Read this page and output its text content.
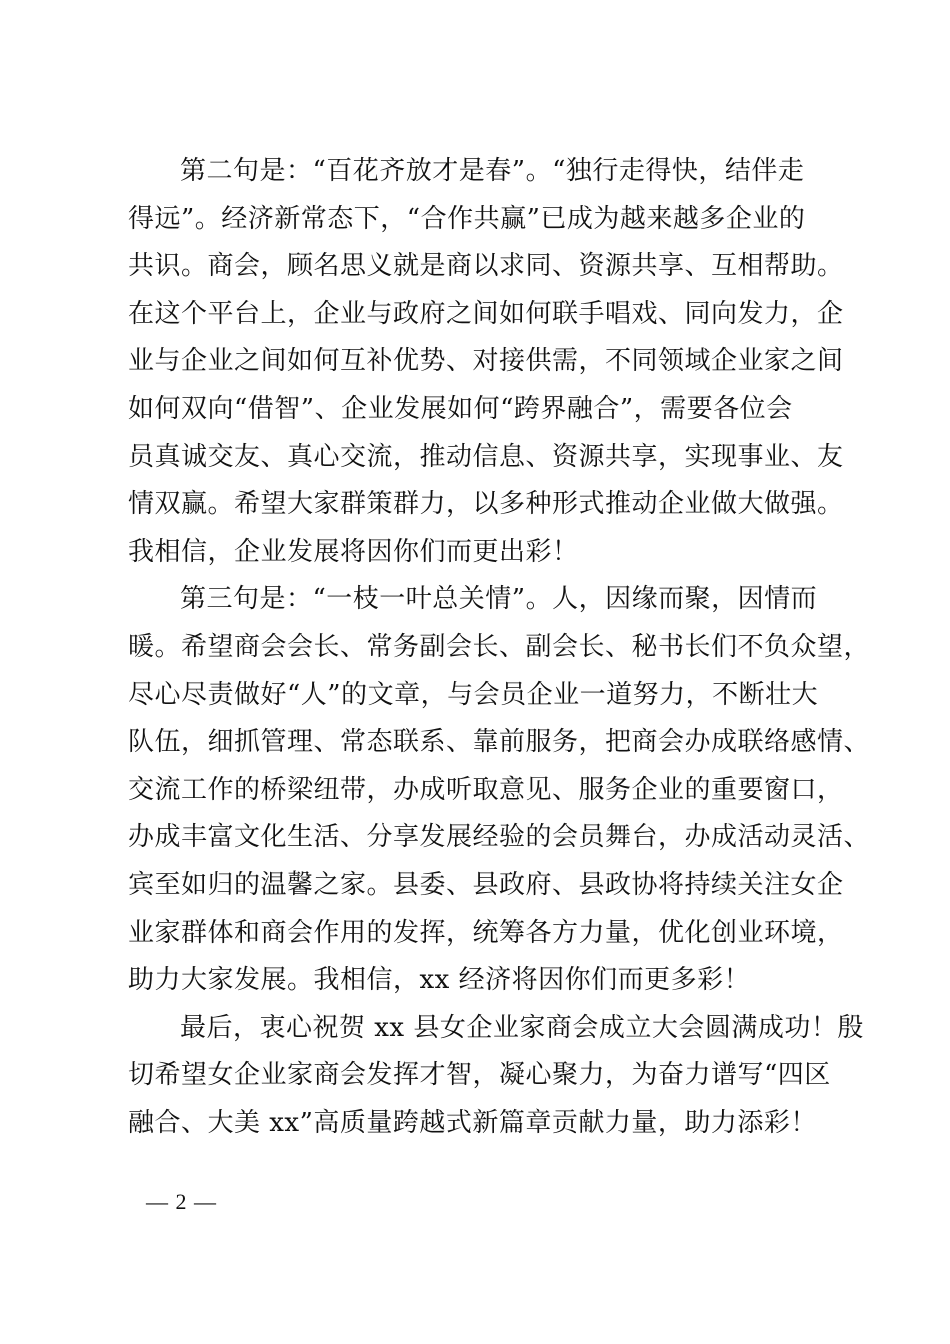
第二句是：“百花齐放才是春”。“独行走得快，结伴走
得远”。经济新常态下，“合作共赢”已成为越来越多企业的
共识。商会，顾名思义就是商以求同、资源共享、互相帮助。
在这个平台上，企业与政府之间如何联手唱戏、同向发力，企
业与企业之间如何互补优势、对接供需，不同领域企业家之间
如何双向“借智”、企业发展如何“跨界融合”，需要各位会
员真诚交友、真心交流，推动信息、资源共享，实现事业、友
情双赢。希望大家群策群力，以多种形式推动企业做大做强。
我相信，企业发展将因你们而更出彩！
第三句是：“一枝一叶总关情”。人，因缘而聚，因情而
暖。希望商会会长、常务副会长、副会长、秘书长们不负众望，
尽心尽责做好“人”的文章，与会员企业一道努力，不断壮大
队伍，细抓管理、常态联系、靠前服务，把商会办成联络感情、
交流工作的桥梁纽带，办成听取意见、服务企业的重要窗口，
办成丰富文化生活、分享发展经验的会员舞台，办成活动灵活、
宾至如归的温馨之家。县委、县政府、县政协将持续关注女企
业家群体和商会作用的发挥，统筹各方力量，优化创业环境，
助力大家发展。我相信，xx 经济将因你们而更多彩！
最后，衷心祝贺 xx 县女企业家商会成立大会圆满成功！殷
切希望女企业家商会发挥才智，凝心聚力，为奋力谱写“四区
融合、大美 xx”高质量跨越式新篇章贡献力量，助力添彩！
— 2 —
